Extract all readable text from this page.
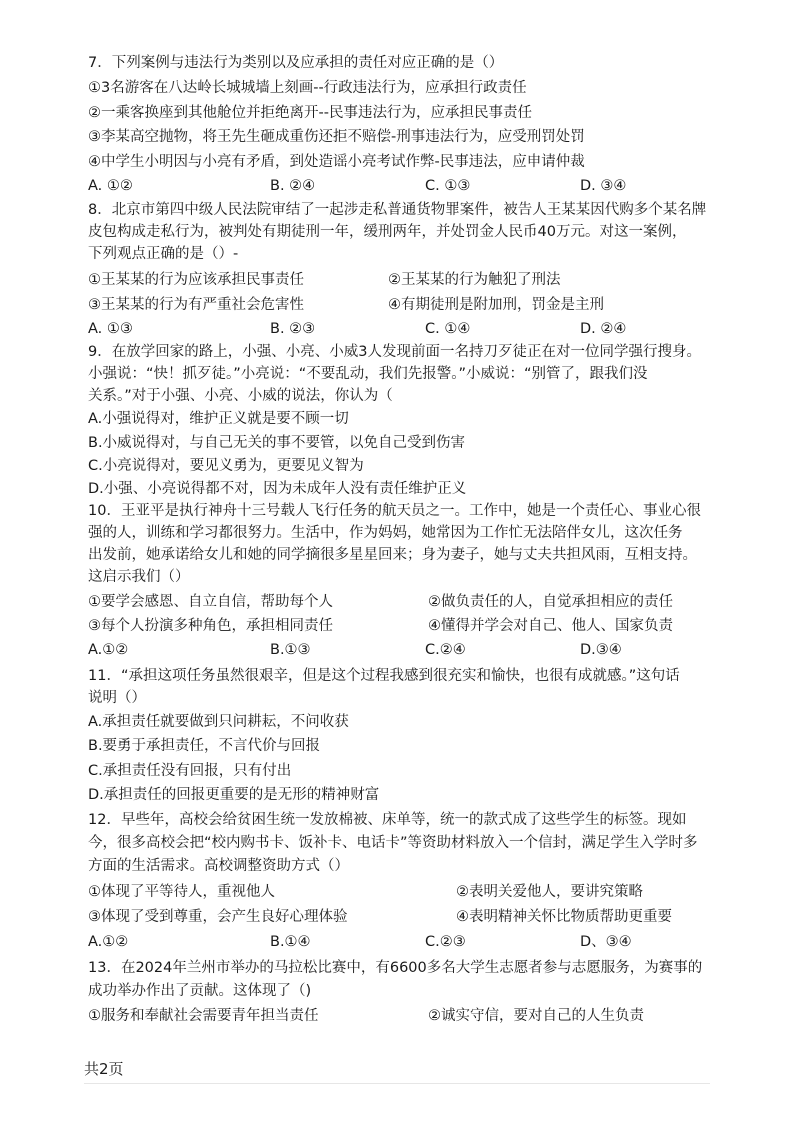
7．下列案例与违法行为类别以及应承担的责任对应正确的是（）
①3名游客在八达岭长城城墙上刻画--行政违法行为，应承担行政责任
②一乘客换座到其他舱位并拒绝离开--民事违法行为，应承担民事责任
③李某高空抛物，将王先生砸成重伤还拒不赔偿-刑事违法行为，应受刑罚处罚
④中学生小明因与小亮有矛盾，到处造谣小亮考试作弊-民事违法，应申请仲裁
A. ①②	B. ②④	C. ①③	D. ③④
8．北京市第四中级人民法院审结了一起涉走私普通货物罪案件，被告人王某某因代购多个某名牌
皮包构成走私行为，被判处有期徒刑一年，缓刑两年，并处罚金人民币40万元。对这一案例，
下列观点正确的是（）-
①王某某的行为应该承担民事责任	②王某某的行为触犯了刑法
③王某某的行为有严重社会危害性	④有期徒刑是附加刑，罚金是主刑
A. ①③	B. ②③	C. ①④	D. ②④
9．在放学回家的路上，小强、小亮、小威3人发现前面一名持刀歹徒正在对一位同学强行搜身。
小强说：“快！抓歹徒。”小亮说：“不要乱动，我们先报警。”小威说：“别管了，跟我们没
关系。”对于小强、小亮、小威的说法，你认为（
A.小强说得对，维护正义就是要不顾一切
B.小威说得对，与自己无关的事不要管，以免自己受到伤害
C.小亮说得对，要见义勇为，更要见义智为
D.小强、小亮说得都不对，因为未成年人没有责任维护正义
10．王亚平是执行神舟十三号载人飞行任务的航天员之一。工作中，她是一个责任心、事业心很
强的人，训练和学习都很努力。生活中，作为妈妈，她常因为工作忙无法陪伴女儿，这次任务
出发前，她承诺给女儿和她的同学摘很多星星回来；身为妻子，她与丈夫共担风雨，互相支持。
这启示我们（）
①要学会感恩、自立自信，帮助每个人	②做负责任的人，自觉承担相应的责任
③每个人扮演多种角色，承担相同责任	④懂得并学会对自己、他人、国家负责
A.①②	B.①③	C.②④	D.③④
11．“承担这项任务虽然很艰辛，但是这个过程我感到很充实和愉快，也很有成就感。”这句话
说明（）
A.承担责任就要做到只问耕耘，不问收获
B.要勇于承担责任，不言代价与回报
C.承担责任没有回报，只有付出
D.承担责任的回报更重要的是无形的精神财富
12．早些年，高校会给贫困生统一发放棉被、床单等，统一的款式成了这些学生的标签。现如
今，很多高校会把“校内购书卡、饭补卡、电话卡”等资助材料放入一个信封，满足学生入学时多
方面的生活需求。高校调整资助方式（）
①体现了平等待人，重视他人	②表明关爱他人，要讲究策略
③体现了受到尊重，会产生良好心理体验	④表明精神关怀比物质帮助更重要
A.①②	B.①④	C.②③	D、③④
13．在2024年兰州市举办的马拉松比赛中，有6600多名大学生志愿者参与志愿服务，为赛事的
成功举办作出了贡献。这体现了（)
①服务和奉献社会需要青年担当责任	②诚实守信，要对自己的人生负责
共2页
